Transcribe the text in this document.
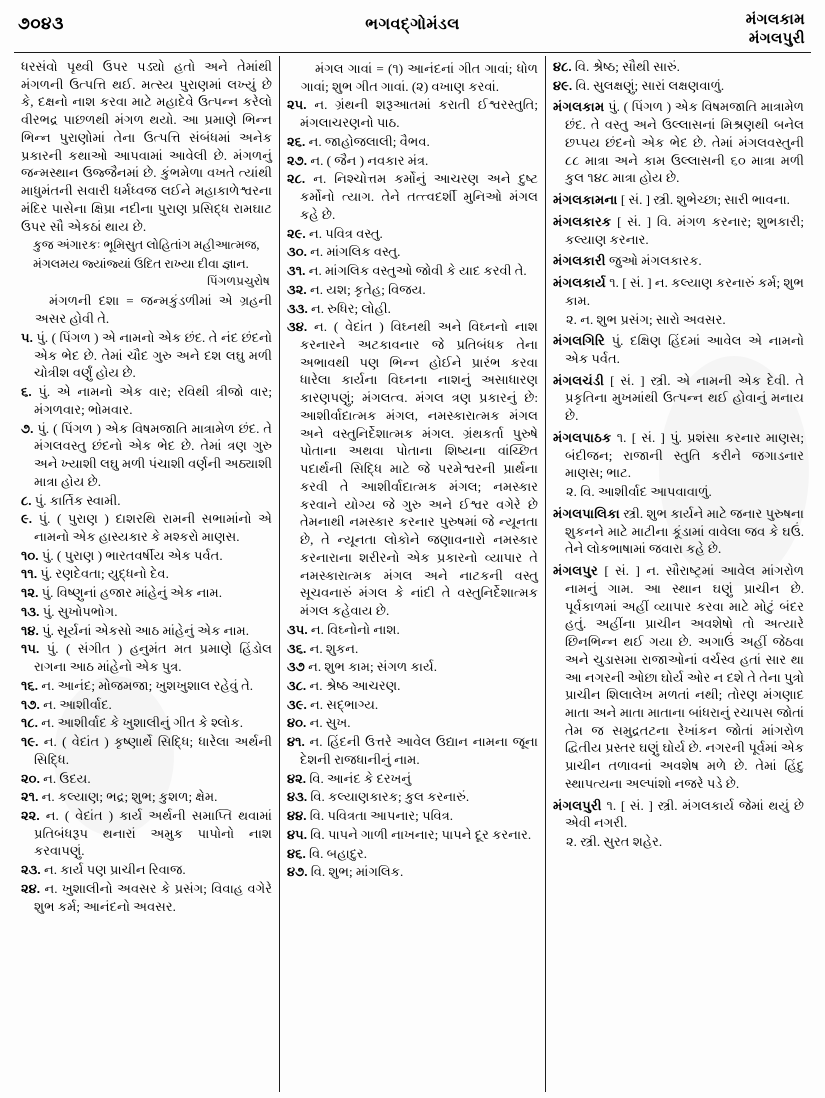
૭૦૪૩	ભગવદ્ગોમંડલ	મંગલકામ
મંગલપુરી

ધરસંવો પૃથ્વી ઉપર પડ્યો હતો અને તેમાંથી મંગળની ઉત્પત્તિ થઈ. મત્સ્ય પુરાણમાં લખ્યું છે કે, દક્ષનો નાશ કરવા માટે મહાદેવે ઉત્પન્ન કરેલો વીરભદ્ર પાછળથી મંગળ થયો. આ પ્રમાણે ભિન્ન ભિન્ન પુરાણોમાં તેના ઉત્પત્તિ સંબંધમાં અનેક પ્રકારની કથાઓ આપવામાં આવેલી છે. મંગળનું જન્મસ્થાન ઉજ્જૈનમાં છે. કુંભમેળા વખતે ત્યાંથી માધુમંતની સવારી ધર્મધ્વજ લઈને મહાકાળેશ્વરના મંદિર પાસેના ક્ષિપ્રા નદીના પુરાણ પ્રસિદ્ધ રામઘાટ ઉપર સૌ એકઠાં થાય છે.

કુજ અંગારકઃ ભૂમિસુત લોહિતાંગ મહીઆત્મજ,

મંગલમય જ્યાંજ્યાં ઉદિત રાખ્યા દીવા જ્ઞાન.

પિંગળપ્રચુરોષ

મંગળની દશા = જન્મકુંડળીમાં એ ગ્રહની અસર હોવી તે.

૫. પું. ( પિંગળ ) એ નામનો એક છંદ. તે નંદ છંદનો એક ભેદ છે. તેમાં ચૌદ ગુરુ અને દશ લઘુ મળી ચોત્રીશ વર્ણું હોય છે.

૬. પું. એ નામનો એક વાર; રવિથી ત્રીજો વાર; મંગળવાર; ભોમવાર.

૭. પું. ( પિંગળ ) એક વિષમજાતિ માત્રામેળ છંદ. તે મંગલવસ્તુ છંદનો એક ભેદ છે. તેમાં ત્રણ ગુરુ અને ખ્યાશી લઘુ મળી પંચાશી વર્ણની અઠ્યાશી માત્રા હોય છે.

૮. પું. કાર્તિક સ્વામી.

૯. પું. ( પુરાણ ) દાશરથિ રામની સભામાંનો એ નામનો એક હાસ્યકાર કે મશ્કરો માણસ.

૧૦. પું. ( પુરાણ ) ભારતવર્ષીય એક પર્વત.

૧૧. પું. રણદેવતા; યુદ્ધનો દેવ.

૧૨. પું. વિષ્ણુનાં હજાર માંહેનું એક નામ.

૧૩. પું. સુખોપભોગ.

૧૪. પું. સૂર્યનાં એકસો આઠ માંહેનું એક નામ.

૧૫. પું. ( સંગીત ) હનુમંત મત પ્રમાણે હિંડોલ રાગના આઠ માંહેનો એક પુત્ર.

૧૬. ન. આનંદ; મોજમજા; ખુશખુશાલ રહેવું તે.

૧૭. ન. આશીર્વાદ.

૧૮. ન. આશીર્વાદ કે ખુશાલીનું ગીત કે શ્લોક.

૧૯. ન. ( વેદાંત ) કૃષ્ણાર્થે સિદ્ધિ; ધારેલા અર્થની સિદ્ધિ.

૨૦. ન. ઉદય.

૨૧. ન. કલ્યાણ; ભદ્ર; શુભ; કુશળ; ક્ષેમ.

૨૨. ન. ( વેદાંત ) કાર્ય અર્થની સમાપ્તિ થવામાં પ્રતિબંધરૂપ થનારાં અમુક પાપોનો નાશ કરવાપણું.

૨૩. ન. કાર્ય પણ પ્રાચીન રિવાજ.

૨૪. ન. ખુશાલીનો અવસર કે પ્રસંગ; વિવાહ વગેરે શુભ કર્મ; આનંદનો અવસર.

મંગલ ગાવાં = (૧) આનંદનાં ગીત ગાવાં; ધોળ ગાવાં; શુભ ગીત ગાવાં. (૨) વખાણ કરવાં.

૨૫. ન. ગ્રંથની શરૂઆતમાં કરાતી ઈશ્વરસ્તુતિ; મંગલાચરણનો પાઠ.

૨૬. ન. જાહોજલાલી; વૈભવ.

૨૭. ન. ( જૈન ) નવકાર મંત્ર.

૨૮. ન. નિશ્ચોત્તમ કર્મોનું આચરણ અને દુષ્ટ કર્મોનો ત્યાગ. તેને તત્ત્વદર્શી મુનિઓ મંગલ કહે છે.

૨૯. ન. પવિત્ર વસ્તુ.

૩૦. ન. માંગલિક વસ્તુ.

૩૧. ન. માંગલિક વસ્તુઓ જોવી કે યાદ કરવી તે.

૩૨. ન. યશ; કૃતેહ; વિજય.

૩૩. ન. રુધિર; લોહી.

૩૪. ન. ( વેદાંત ) વિઘ્નથી અને વિઘ્નનો નાશ કરનારને અટકાવનાર જે પ્રતિબંધક તેના અભાવથી પણ ભિન્ન હોઈને પ્રારંભ કરવા ધારેલા કાર્યના વિઘ્નના નાશનું અસાધારણ કારણપણું; મંગલત્વ. મંગલ ત્રણ પ્રકારનું છે: આશીર્વાદાત્મક મંગલ, નમસ્કારાત્મક મંગલ અને વસ્તુનિર્દેશાત્મક મંગલ. ગ્રંથકર્તા પુરુષે પોતાના અથવા પોતાના શિષ્યના વાંચ્છિત પદાર્થની સિદ્ધિ માટે જે પરમેશ્વરની પ્રાર્થના કરવી તે આશીર્વાદાત્મક મંગલ; નમસ્કાર કરવાને યોગ્ય જે ગુરુ અને ઈશ્વર વગેરે છે તેમનાથી નમસ્કાર કરનાર પુરુષમાં જે ન્યૂનતા છે, તે ન્યૂનતા લોકોને જણાવનારો નમસ્કાર કરનારાના શરીરનો એક પ્રકારનો વ્યાપાર તે નમસ્કારાત્મક મંગલ અને નાટકની વસ્તુ સૂચવનારું મંગલ કે નાંદી તે વસ્તુનિર્દેશાત્મક મંગલ કહેવાય છે.

૩૫. ન. વિઘ્નોનો નાશ.

૩૬. ન. શુકન.

૩૭ ન. શુભ કામ; સંગળ કાર્ય.

૩૮. ન. શ્રેષ્ઠ આચરણ.

૩૯. ન. સદ્ભાગ્ય.

૪૦. ન. સુખ.

૪૧. ન. હિંદની ઉત્તરે આવેલ ઉદ્યાન નામના જૂના દેશની રાજધાનીનું નામ.

૪૨. વિ. આનંદ કે દરખનું

૪૩. વિ. કલ્યાણકારક; કુલ કરનારું.

૪૪. વિ. પવિત્રતા આપનાર; પવિત્ર.

૪૫. વિ. પાપને ગાળી નાખનાર; પાપને દૂર કરનાર.

૪૬. વિ. બહાદુર.

૪૭. વિ. શુભ; માંગલિક.

૪૮. વિ. શ્રેષ્ઠ; સૌથી સારું.

૪૯. વિ. સુલક્ષણું; સારાં લક્ષણવાળું.

મંગલકામ પું. ( પિંગળ ) એક વિષમજાતિ માત્રામેળ છંદ. તે વસ્તુ અને ઉલ્લાસનાં મિશ્રણથી બનેલ છપ્પય છંદનો એક ભેદ છે. તેમાં મંગલવસ્તુની ૮૮ માત્રા અને કામ ઉલ્લાસની ૬૦ માત્રા મળી કુલ ૧૪૮ માત્રા હોય છે.

મંગલકામના [ સં. ] સ્ત્રી. શુભેચ્છા; સારી ભાવના.

મંગલકારક [ સં. ] વિ. મંગળ કરનાર; શુભકારી; કલ્યાણ કરનાર.

મંગલકારી જુઓ મંગલકારક.

મંગલકાર્ય ૧. [ સં. ] ન. કલ્યાણ કરનારું કર્મ; શુભ કામ.

૨. ન. શુભ પ્રસંગ; સારો અવસર.

મંગલગિરિ પું. દક્ષિણ હિંદમાં આવેલ એ નામનો એક પર્વત.

મંગલચંડી [ સં. ] સ્ત્રી. એ નામની એક દેવી. તે પ્રકૃતિના મુખમાંથી ઉત્પન્ન થઈ હોવાનું મનાય છે.

મંગલપાઠક ૧. [ સં. ] પું. પ્રશંસા કરનાર માણસ; બંદીજન; રાજાની સ્તુતિ કરીને જગાડનાર માણસ; ભાટ.

૨. વિ. આશીર્વાદ આપવાવાળું.

મંગલપાલિકા સ્ત્રી. શુભ કાર્યને માટે જનાર પુરુષના શુકનને માટે માટીના કૂંડામાં વાવેલા જવ કે ઘઉં. તેને લોકભાષામાં જવારા કહે છે.

મંગલપુર [ સં. ] ન. સૌરાષ્ટ્રમાં આવેલ માંગરોળ નામનું ગામ. આ સ્થાન ઘણું પ્રાચીન છે. પૂર્વકાળમાં અહીં વ્યાપાર કરવા માટે મોટું બંદર હતું. અહીંના પ્રાચીન અવશેષો તો અત્યારે છિનભિન્ન થઈ ગયા છે. અગાઉં અહીં જેઠવા અને ચુડાસમા રાજાઓનાં વર્ચસ્વ હતાં સાર થા આ નગરની ઓછા ઘોર્ય ઓર ન દશે તે તેના પુત્રો પ્રાચીન શિલાલેખ મળતાં નથી; તોરણ મંગણાદ માતા અને માતા માતાના બાંધરાનું રચાપસ જોતાં તેમ જ સમુદ્રતટના રેખાંકન જોતાં માંગરોળ દ્વિતીય પ્રસ્તર ઘણું ઘોર્ય છે. નગરની પૂર્વમાં એક પ્રાચીન તળાવનાં અવશેષ મળે છે. તેમાં હિંદુ સ્થાપત્યના અલ્પાંશો નજરે પડે છે.

મંગલપુરી ૧. [ સં. ] સ્ત્રી. મંગલકાર્ય જેમાં થયું છે એવી નગરી.

૨. સ્ત્રી. સુરત શહેર.
